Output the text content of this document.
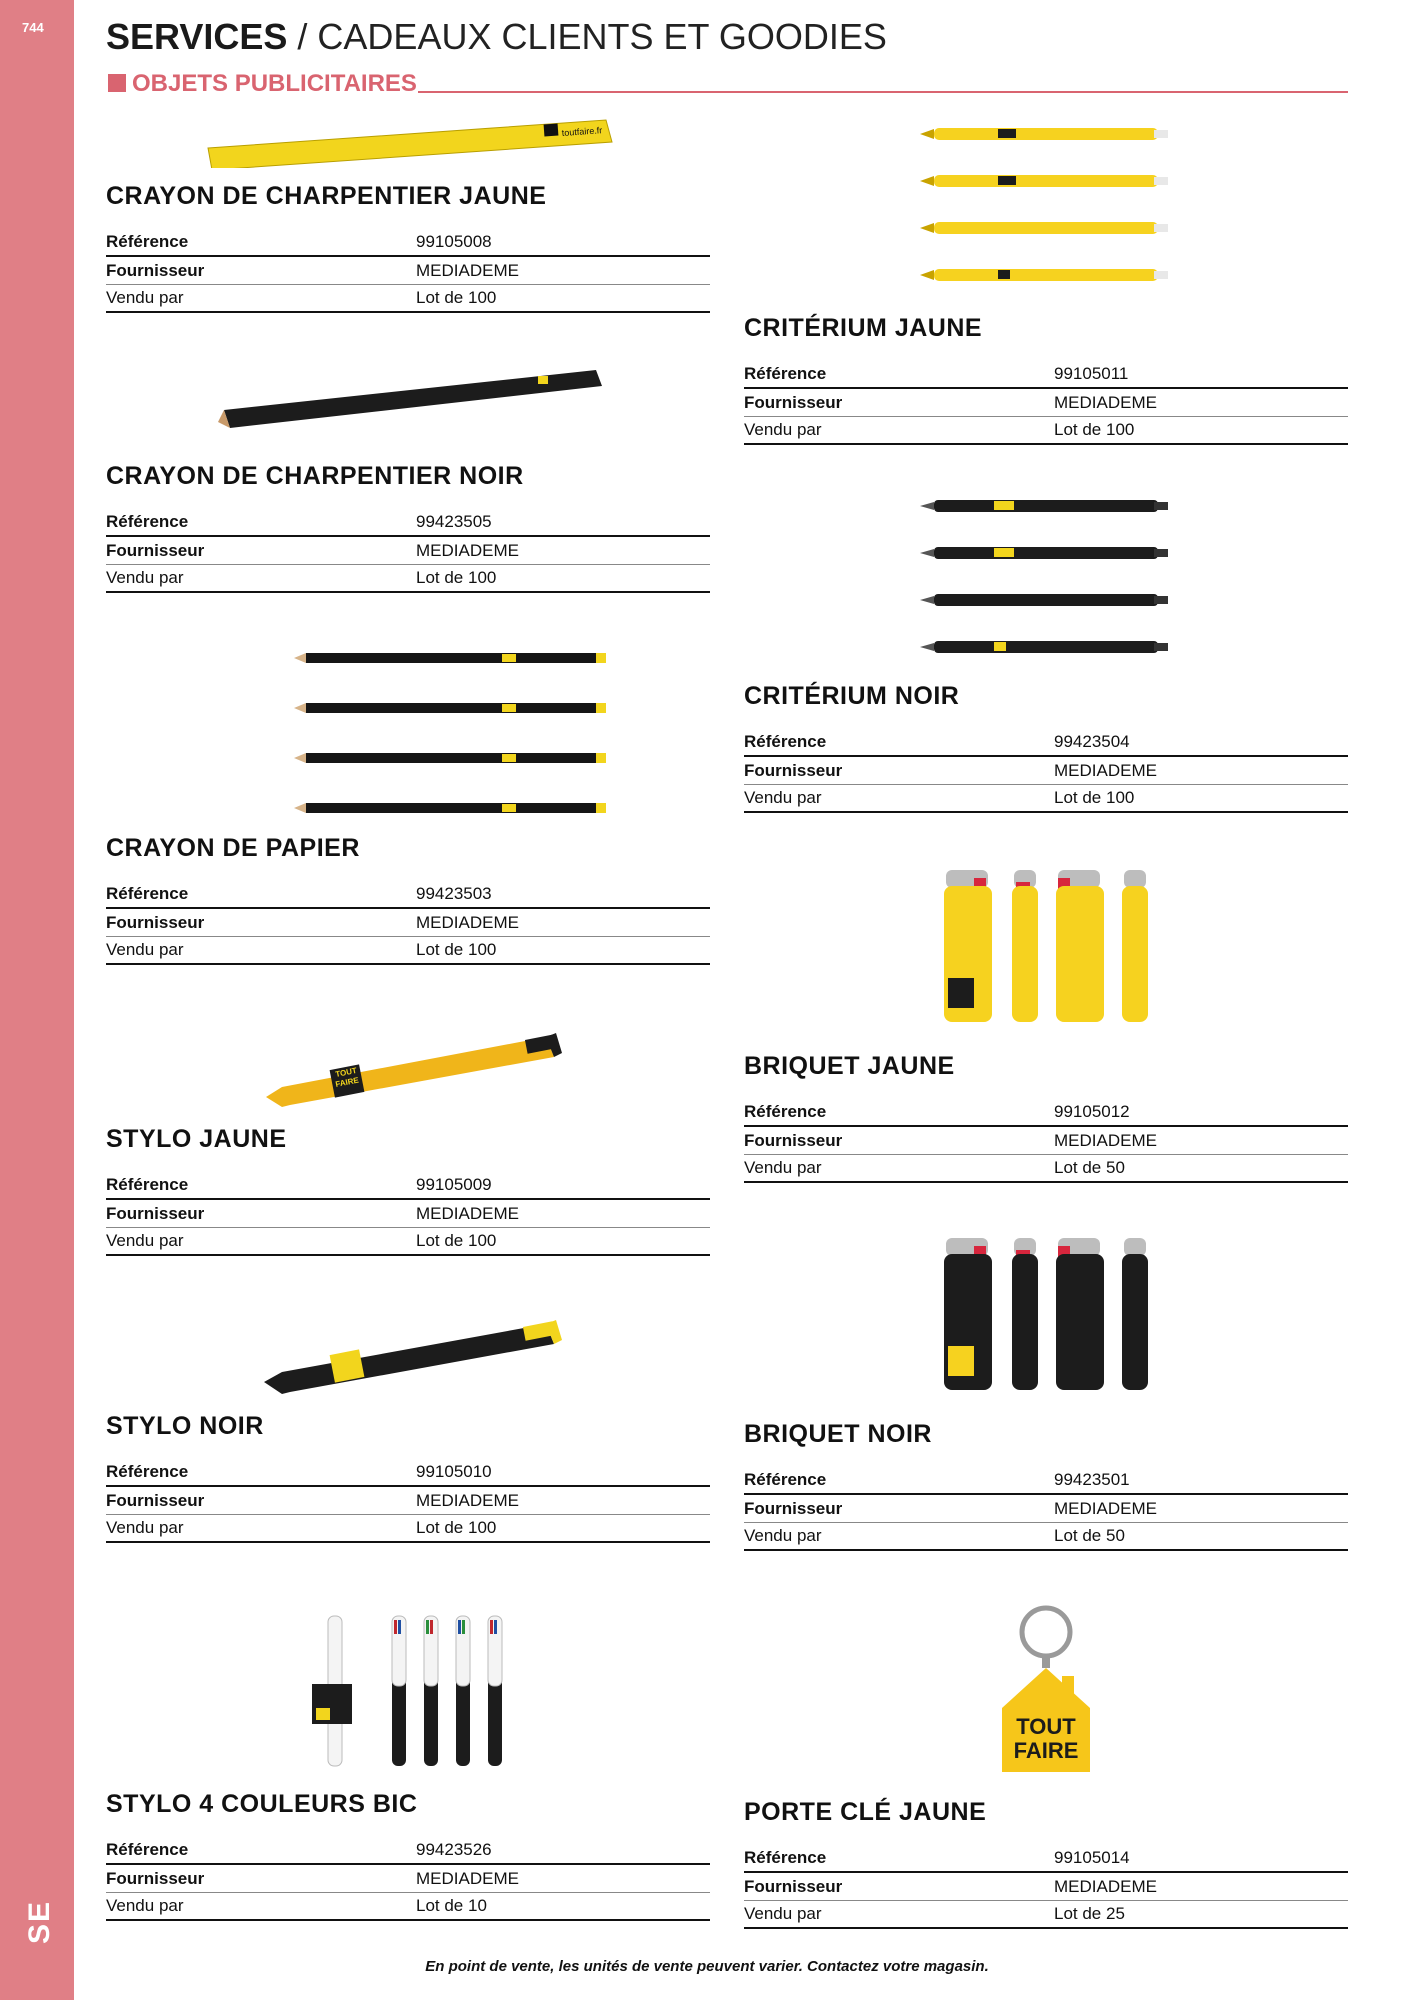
744
SE
SERVICES / CADEAUX CLIENTS ET GOODIES
OBJETS PUBLICITAIRES
toutfaire.fr
CRAYON DE CHARPENTIER JAUNE
Référence	99105008
Fournisseur	MEDIADEME
Vendu par	Lot de 100
CRAYON DE CHARPENTIER NOIR
Référence	99423505
Fournisseur	MEDIADEME
Vendu par	Lot de 100
CRAYON DE PAPIER
Référence	99423503
Fournisseur	MEDIADEME
Vendu par	Lot de 100
TOUT
FAIRE
STYLO JAUNE
Référence	99105009
Fournisseur	MEDIADEME
Vendu par	Lot de 100
STYLO NOIR
Référence	99105010
Fournisseur	MEDIADEME
Vendu par	Lot de 100
STYLO 4 COULEURS BIC
Référence	99423526
Fournisseur	MEDIADEME
Vendu par	Lot de 10
CRITÉRIUM JAUNE
Référence	99105011
Fournisseur	MEDIADEME
Vendu par	Lot de 100
CRITÉRIUM NOIR
Référence	99423504
Fournisseur	MEDIADEME
Vendu par	Lot de 100
BRIQUET JAUNE
Référence	99105012
Fournisseur	MEDIADEME
Vendu par	Lot de 50
BRIQUET NOIR
Référence	99423501
Fournisseur	MEDIADEME
Vendu par	Lot de 50
TOUT
FAIRE
PORTE CLÉ JAUNE
Référence	99105014
Fournisseur	MEDIADEME
Vendu par	Lot de 25
En point de vente, les unités de vente peuvent varier. Contactez votre magasin.
